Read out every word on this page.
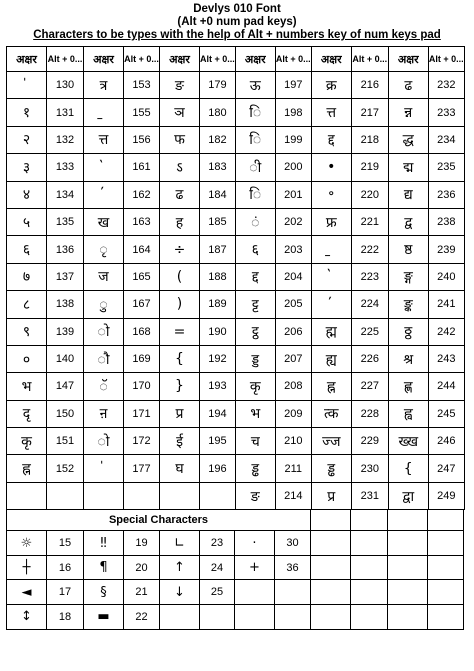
Devlys 010 Font
(Alt +0 num pad keys)
Characters to be types with the help of Alt + numbers key of num keys pad
अक्षर	Alt + 0...	अक्षर	Alt + 0...	अक्षर	Alt + 0...	अक्षर	Alt + 0...	अक्षर	Alt + 0...	अक्षर	Alt + 0...
	130	त्र	153	ङ	179	ऊ	197	क्र	216	ढ	232
१	131		155	ञ	180	ि	198	त्त	217	न्न	233
२	132	त्त	156	फ	182	ि	199	द्द	218	द्ध	234
३	133		161	ऽ	183	ी	200	•	219	द्म	235
४	134		162	ढ	184	ि	201	॰	220	द्य	236
५	135	ख	163	ह	185	ं	202	फ्र	221	द्व	238
६	136	ृ	164	÷	187	६	203		222	ष्ठ	239
७	137	ज	165	(	188	द्द	204		223	ङ्ग	240
८	138	ु	167	)	189	ट्ट	205		224	ङ्क	241
९	139	ो	168	=	190	ट्ठ	206	ह्म	225	ठ्ठ	242
०	140	ौ	169	{	192	ड्ड	207	ह्य	226	श्र	243
भ	147	ॅ	170	}	193	कृ	208	ह्न	227	ह्ण	244
दृ	150	ऩ	171	प्र	194	भ	209	त्क	228	ह्व	245
कृ	151	ो	172	ई	195	च	210	ज्ज	229	ख्ख	246
ह्न	152		177	घ	196	ड्ढ	211	ड्ढ	230	{	247
						ङ	214	प्र	231	द्वा	249
Special Characters											
☼	15	‼	19	∟	23	·	30				
┼	16	¶	20	↑	24	+	36				
◄	17	§	21	↓	25						
↕	18	▬	22								
